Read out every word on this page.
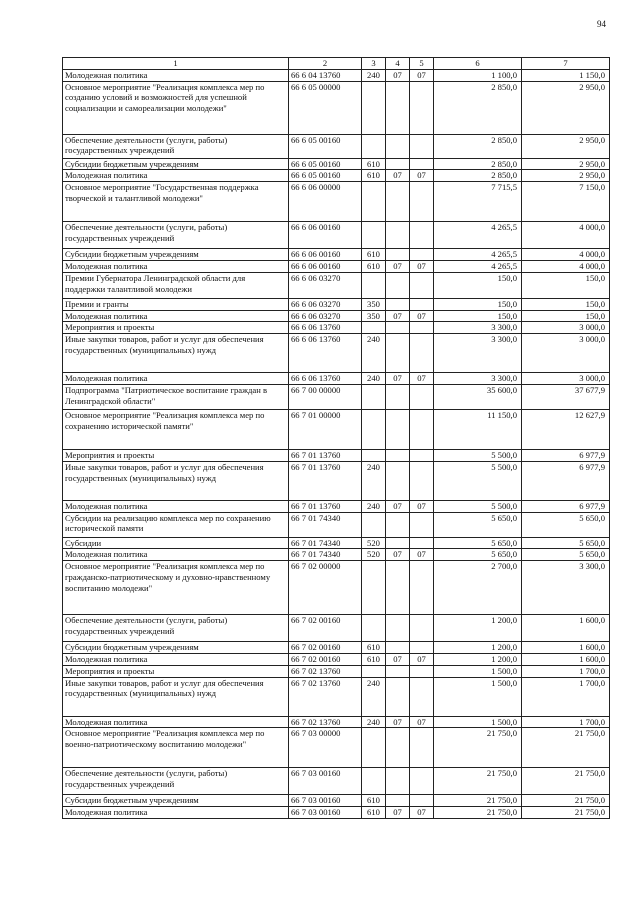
94
1	2	3	4	5	6	7
Молодежная политика	66 6 04 13760	240	07	07	1 100,0	1 150,0
Основное мероприятие "Реализация комплекса мер по созданию условий и возможностей для успешной социализации и самореализации молодежи"	66 6 05 00000				2 850,0	2 950,0
Обеспечение деятельности (услуги, работы) государственных учреждений	66 6 05 00160				2 850,0	2 950,0
Субсидии бюджетным учреждениям	66 6 05 00160	610			2 850,0	2 950,0
Молодежная политика	66 6 05 00160	610	07	07	2 850,0	2 950,0
Основное мероприятие "Государственная поддержка творческой и талантливой молодежи"	66 6 06 00000				7 715,5	7 150,0
Обеспечение деятельности (услуги, работы) государственных учреждений	66 6 06 00160				4 265,5	4 000,0
Субсидии бюджетным учреждениям	66 6 06 00160	610			4 265,5	4 000,0
Молодежная политика	66 6 06 00160	610	07	07	4 265,5	4 000,0
Премии Губернатора Ленинградской области для поддержки талантливой молодежи	66 6 06 03270				150,0	150,0
Премии и гранты	66 6 06 03270	350			150,0	150,0
Молодежная политика	66 6 06 03270	350	07	07	150,0	150,0
Мероприятия и проекты	66 6 06 13760				3 300,0	3 000,0
Иные закупки товаров, работ и услуг для обеспечения государственных (муниципальных) нужд	66 6 06 13760	240			3 300,0	3 000,0
Молодежная политика	66 6 06 13760	240	07	07	3 300,0	3 000,0
Подпрограмма "Патриотическое воспитание граждан в Ленинградской области"	66 7 00 00000				35 600,0	37 677,9
Основное мероприятие "Реализация комплекса мер по сохранению исторической памяти"	66 7 01 00000				11 150,0	12 627,9
Мероприятия и проекты	66 7 01 13760				5 500,0	6 977,9
Иные закупки товаров, работ и услуг для обеспечения государственных (муниципальных) нужд	66 7 01 13760	240			5 500,0	6 977,9
Молодежная политика	66 7 01 13760	240	07	07	5 500,0	6 977,9
Субсидии на реализацию комплекса мер по сохранению исторической памяти	66 7 01 74340				5 650,0	5 650,0
Субсидии	66 7 01 74340	520			5 650,0	5 650,0
Молодежная политика	66 7 01 74340	520	07	07	5 650,0	5 650,0
Основное мероприятие "Реализация комплекса мер по гражданско-патриотическому и духовно-нравственному воспитанию молодежи"	66 7 02 00000				2 700,0	3 300,0
Обеспечение деятельности (услуги, работы) государственных учреждений	66 7 02 00160				1 200,0	1 600,0
Субсидии бюджетным учреждениям	66 7 02 00160	610			1 200,0	1 600,0
Молодежная политика	66 7 02 00160	610	07	07	1 200,0	1 600,0
Мероприятия и проекты	66 7 02 13760				1 500,0	1 700,0
Иные закупки товаров, работ и услуг для обеспечения государственных (муниципальных) нужд	66 7 02 13760	240			1 500,0	1 700,0
Молодежная политика	66 7 02 13760	240	07	07	1 500,0	1 700,0
Основное мероприятие "Реализация комплекса мер по военно-патриотическому воспитанию молодежи"	66 7 03 00000				21 750,0	21 750,0
Обеспечение деятельности (услуги, работы) государственных учреждений	66 7 03 00160				21 750,0	21 750,0
Субсидии бюджетным учреждениям	66 7 03 00160	610			21 750,0	21 750,0
Молодежная политика	66 7 03 00160	610	07	07	21 750,0	21 750,0
